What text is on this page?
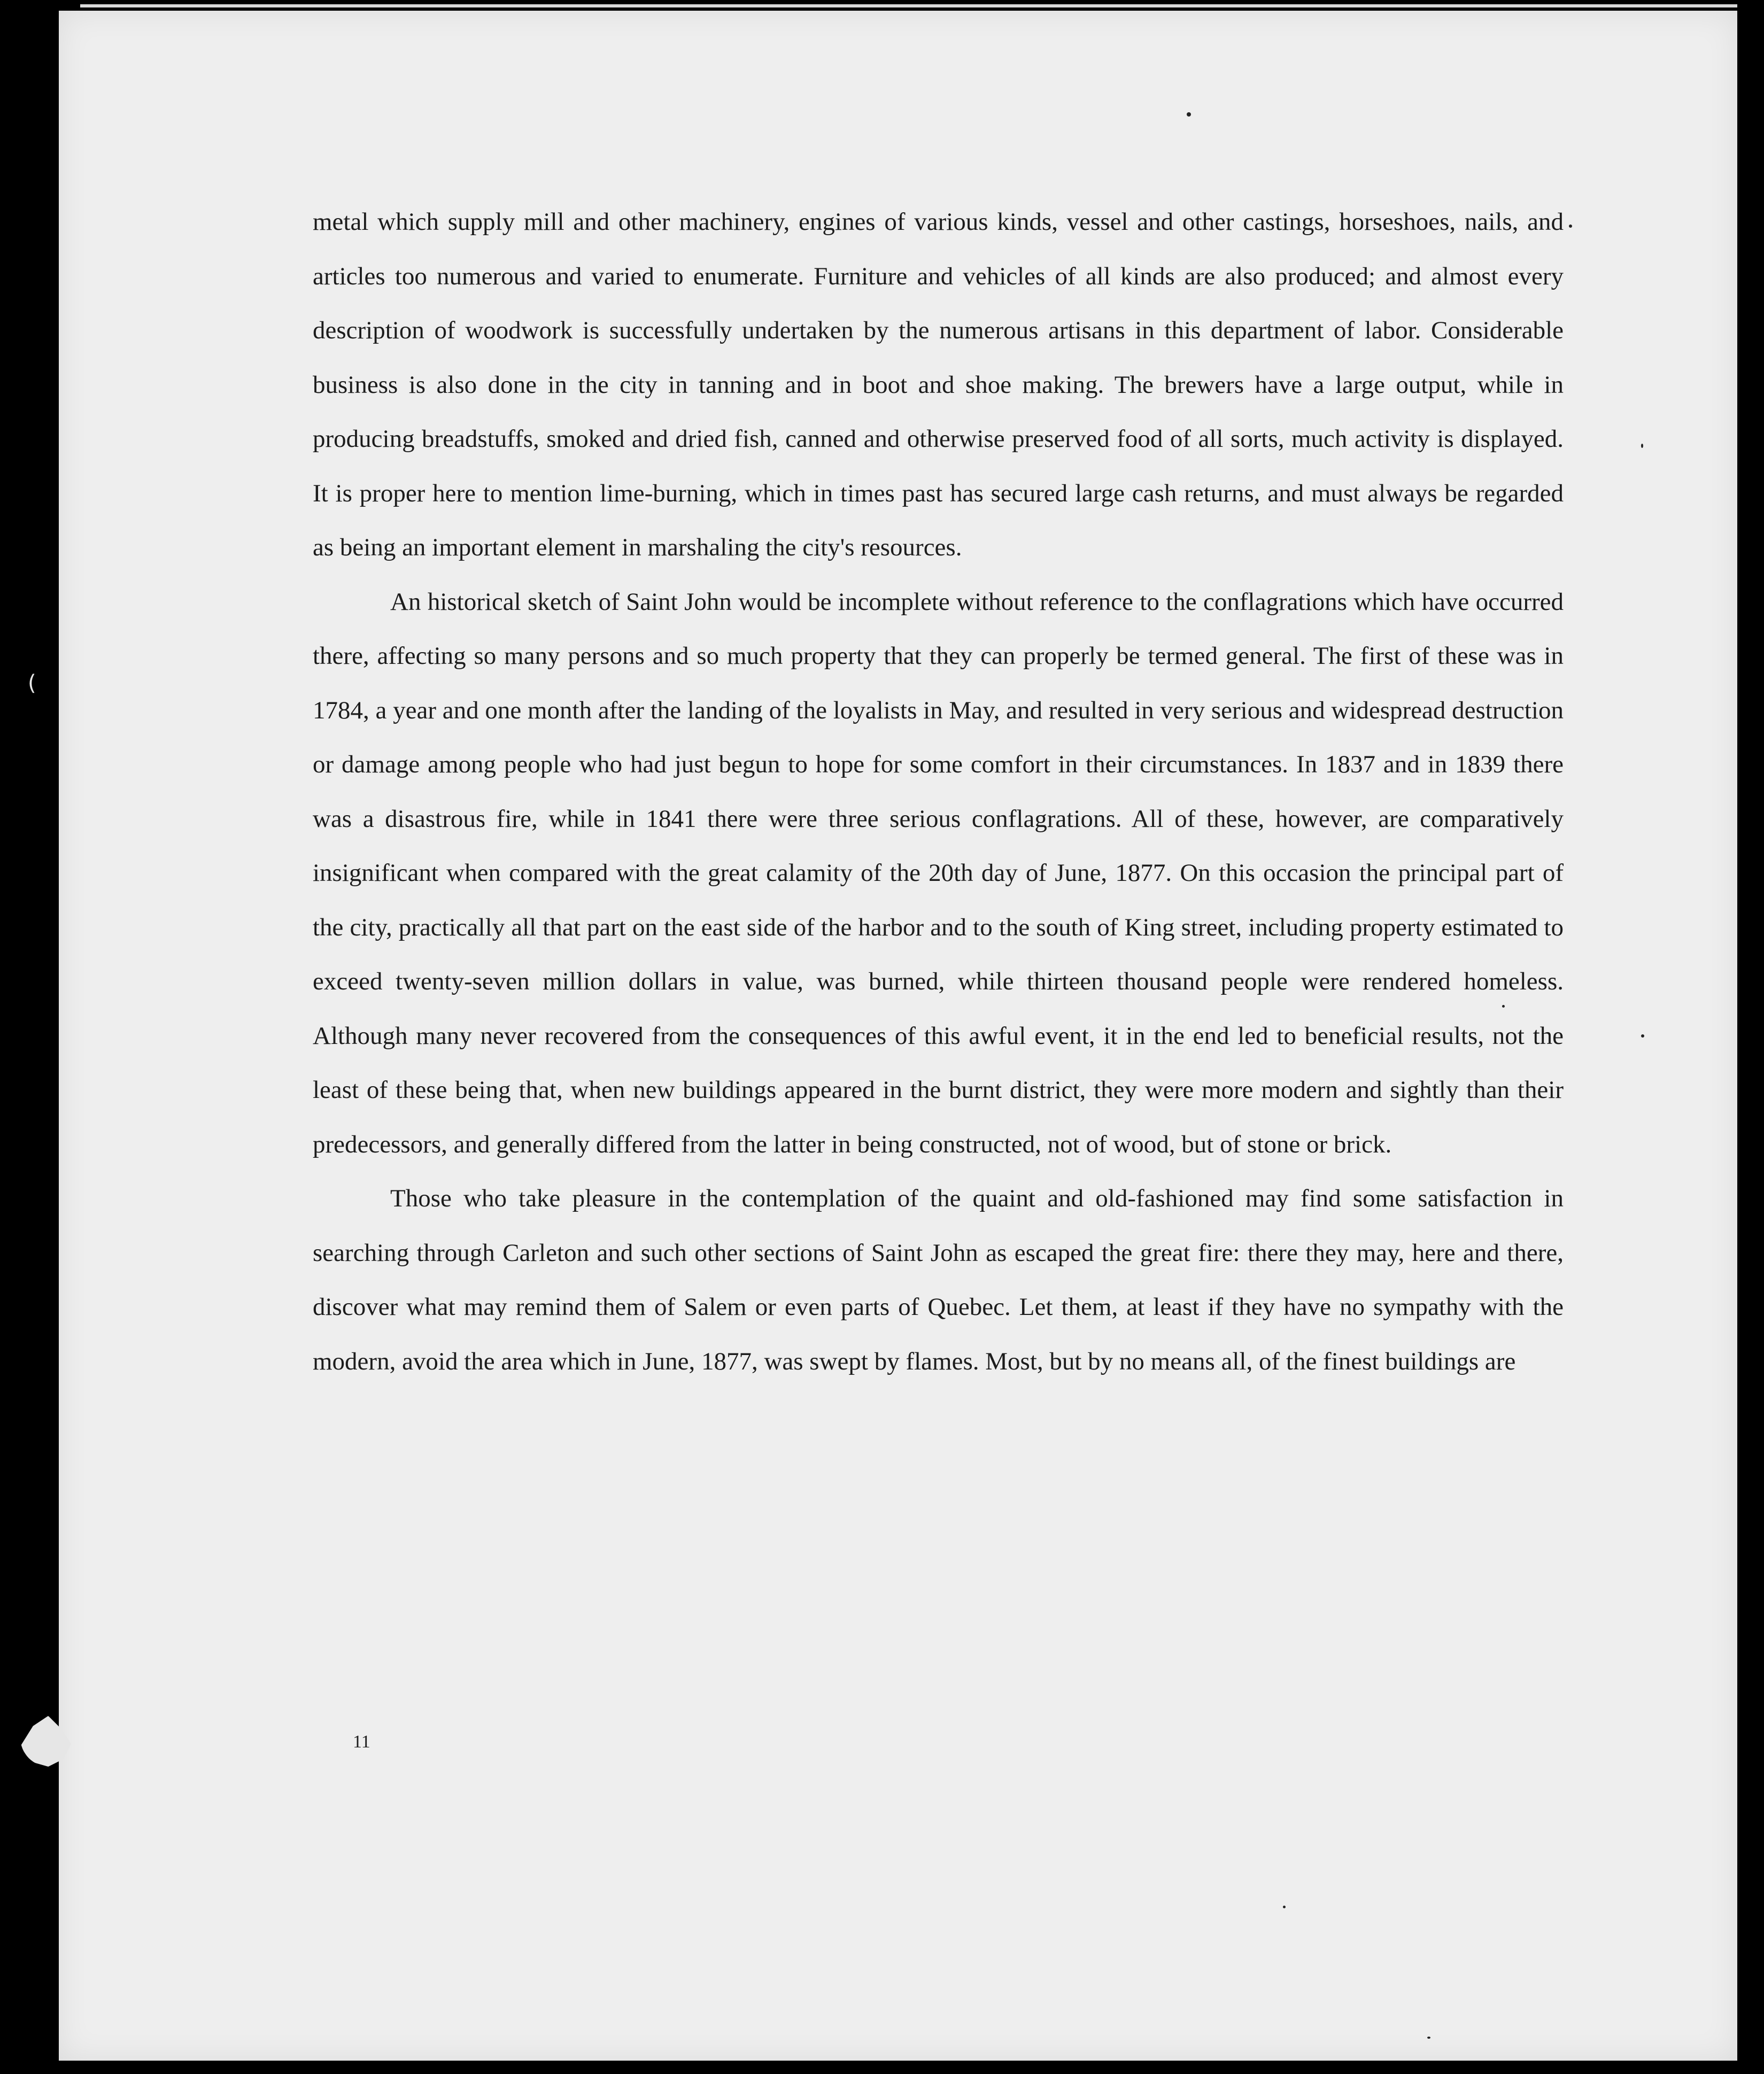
metal which supply mill and other machinery, engines of various kinds, vessel and other castings, horseshoes, nails, and articles too numerous and varied to enumerate. Furniture and vehicles of all kinds are also produced; and almost every description of woodwork is successfully undertaken by the numerous artisans in this department of labor. Considerable business is also done in the city in tanning and in boot and shoe making. The brewers have a large output, while in producing breadstuffs, smoked and dried fish, canned and otherwise preserved food of all sorts, much activity is displayed. It is proper here to mention lime-burning, which in times past has secured large cash returns, and must always be regarded as being an important element in marshaling the city's resources.

An historical sketch of Saint John would be incomplete without reference to the conflagrations which have occurred there, affecting so many persons and so much property that they can properly be termed general. The first of these was in 1784, a year and one month after the landing of the loyalists in May, and resulted in very serious and widespread destruction or damage among people who had just begun to hope for some comfort in their circumstances. In 1837 and in 1839 there was a disastrous fire, while in 1841 there were three serious conflagrations. All of these, however, are comparatively insignificant when compared with the great calamity of the 20th day of June, 1877. On this occasion the principal part of the city, practically all that part on the east side of the harbor and to the south of King street, including property estimated to exceed twenty-seven million dollars in value, was burned, while thirteen thousand people were rendered homeless. Although many never recovered from the consequences of this awful event, it in the end led to beneficial results, not the least of these being that, when new buildings appeared in the burnt district, they were more modern and sightly than their predecessors, and generally differed from the latter in being constructed, not of wood, but of stone or brick.

Those who take pleasure in the contemplation of the quaint and old-fashioned may find some satisfaction in searching through Carleton and such other sections of Saint John as escaped the great fire: there they may, here and there, discover what may remind them of Salem or even parts of Quebec. Let them, at least if they have no sympathy with the modern, avoid the area which in June, 1877, was swept by flames. Most, but by no means all, of the finest buildings are

11
(
